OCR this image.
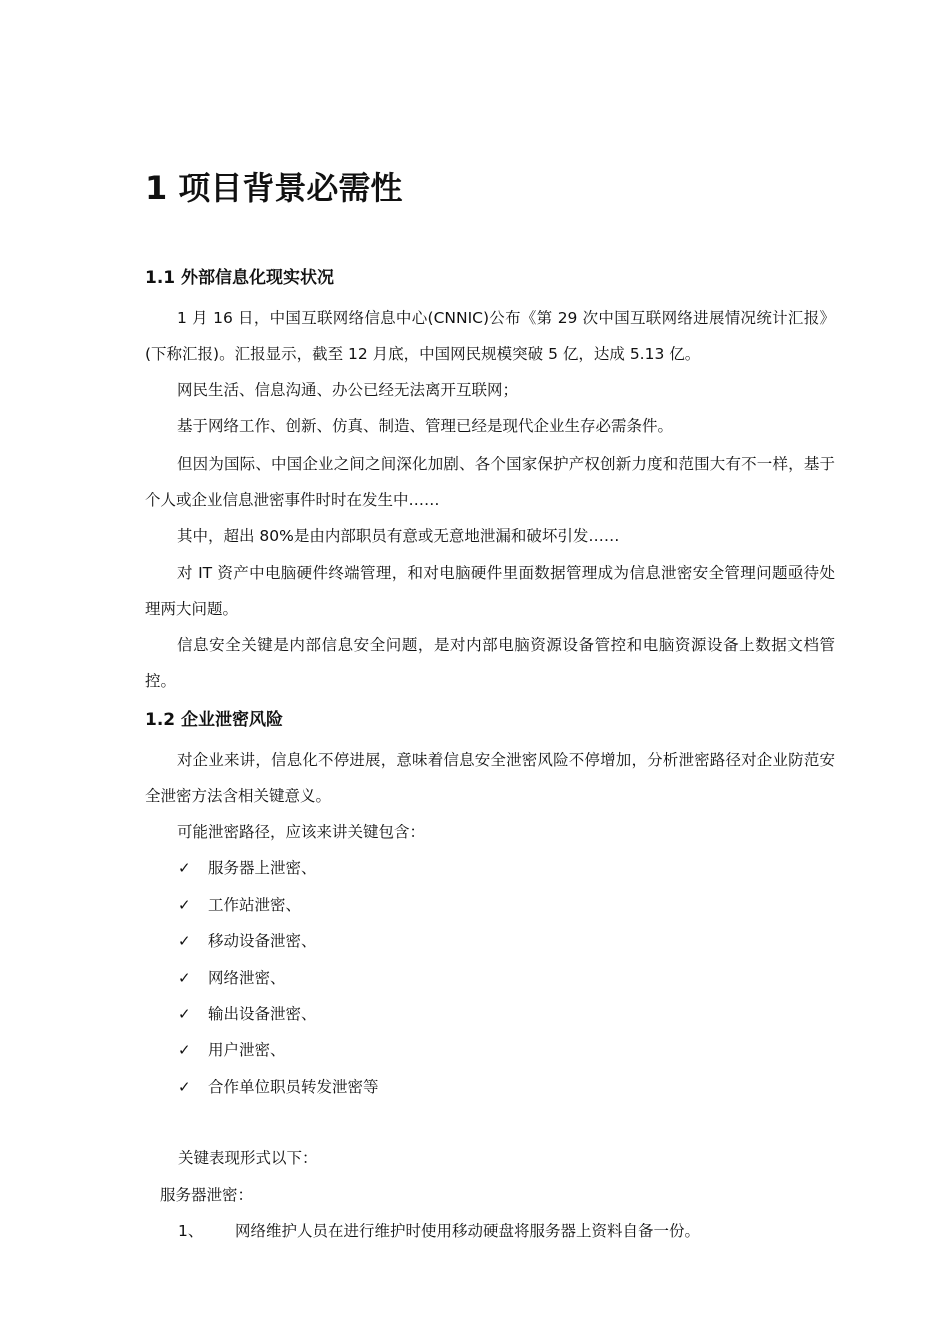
1 项目背景必需性
1.1 外部信息化现实状况

1 月 16 日，中国互联网络信息中心(CNNIC)公布《第 29 次中国互联网络进展情况统计汇报》(下称汇报)。汇报显示，截至 12 月底，中国网民规模突破 5 亿，达成 5.13 亿。

网民生活、信息沟通、办公已经无法离开互联网；

基于网络工作、创新、仿真、制造、管理已经是现代企业生存必需条件。

但因为国际、中国企业之间之间深化加剧、各个国家保护产权创新力度和范围大有不一样，基于个人或企业信息泄密事件时时在发生中……

其中，超出 80%是由内部职员有意或无意地泄漏和破坏引发……

对 IT 资产中电脑硬件终端管理，和对电脑硬件里面数据管理成为信息泄密安全管理问题亟待处理两大问题。

信息安全关键是内部信息安全问题，是对内部电脑资源设备管控和电脑资源设备上数据文档管控。

1.2 企业泄密风险

对企业来讲，信息化不停进展，意味着信息安全泄密风险不停增加，分析泄密路径对企业防范安全泄密方法含相关键意义。

可能泄密路径，应该来讲关键包含：

✓ 服务器上泄密、
✓ 工作站泄密、
✓ 移动设备泄密、
✓ 网络泄密、
✓ 输出设备泄密、
✓ 用户泄密、
✓ 合作单位职员转发泄密等

关键表现形式以下：

服务器泄密：

1、 网络维护人员在进行维护时使用移动硬盘将服务器上资料自备一份。
